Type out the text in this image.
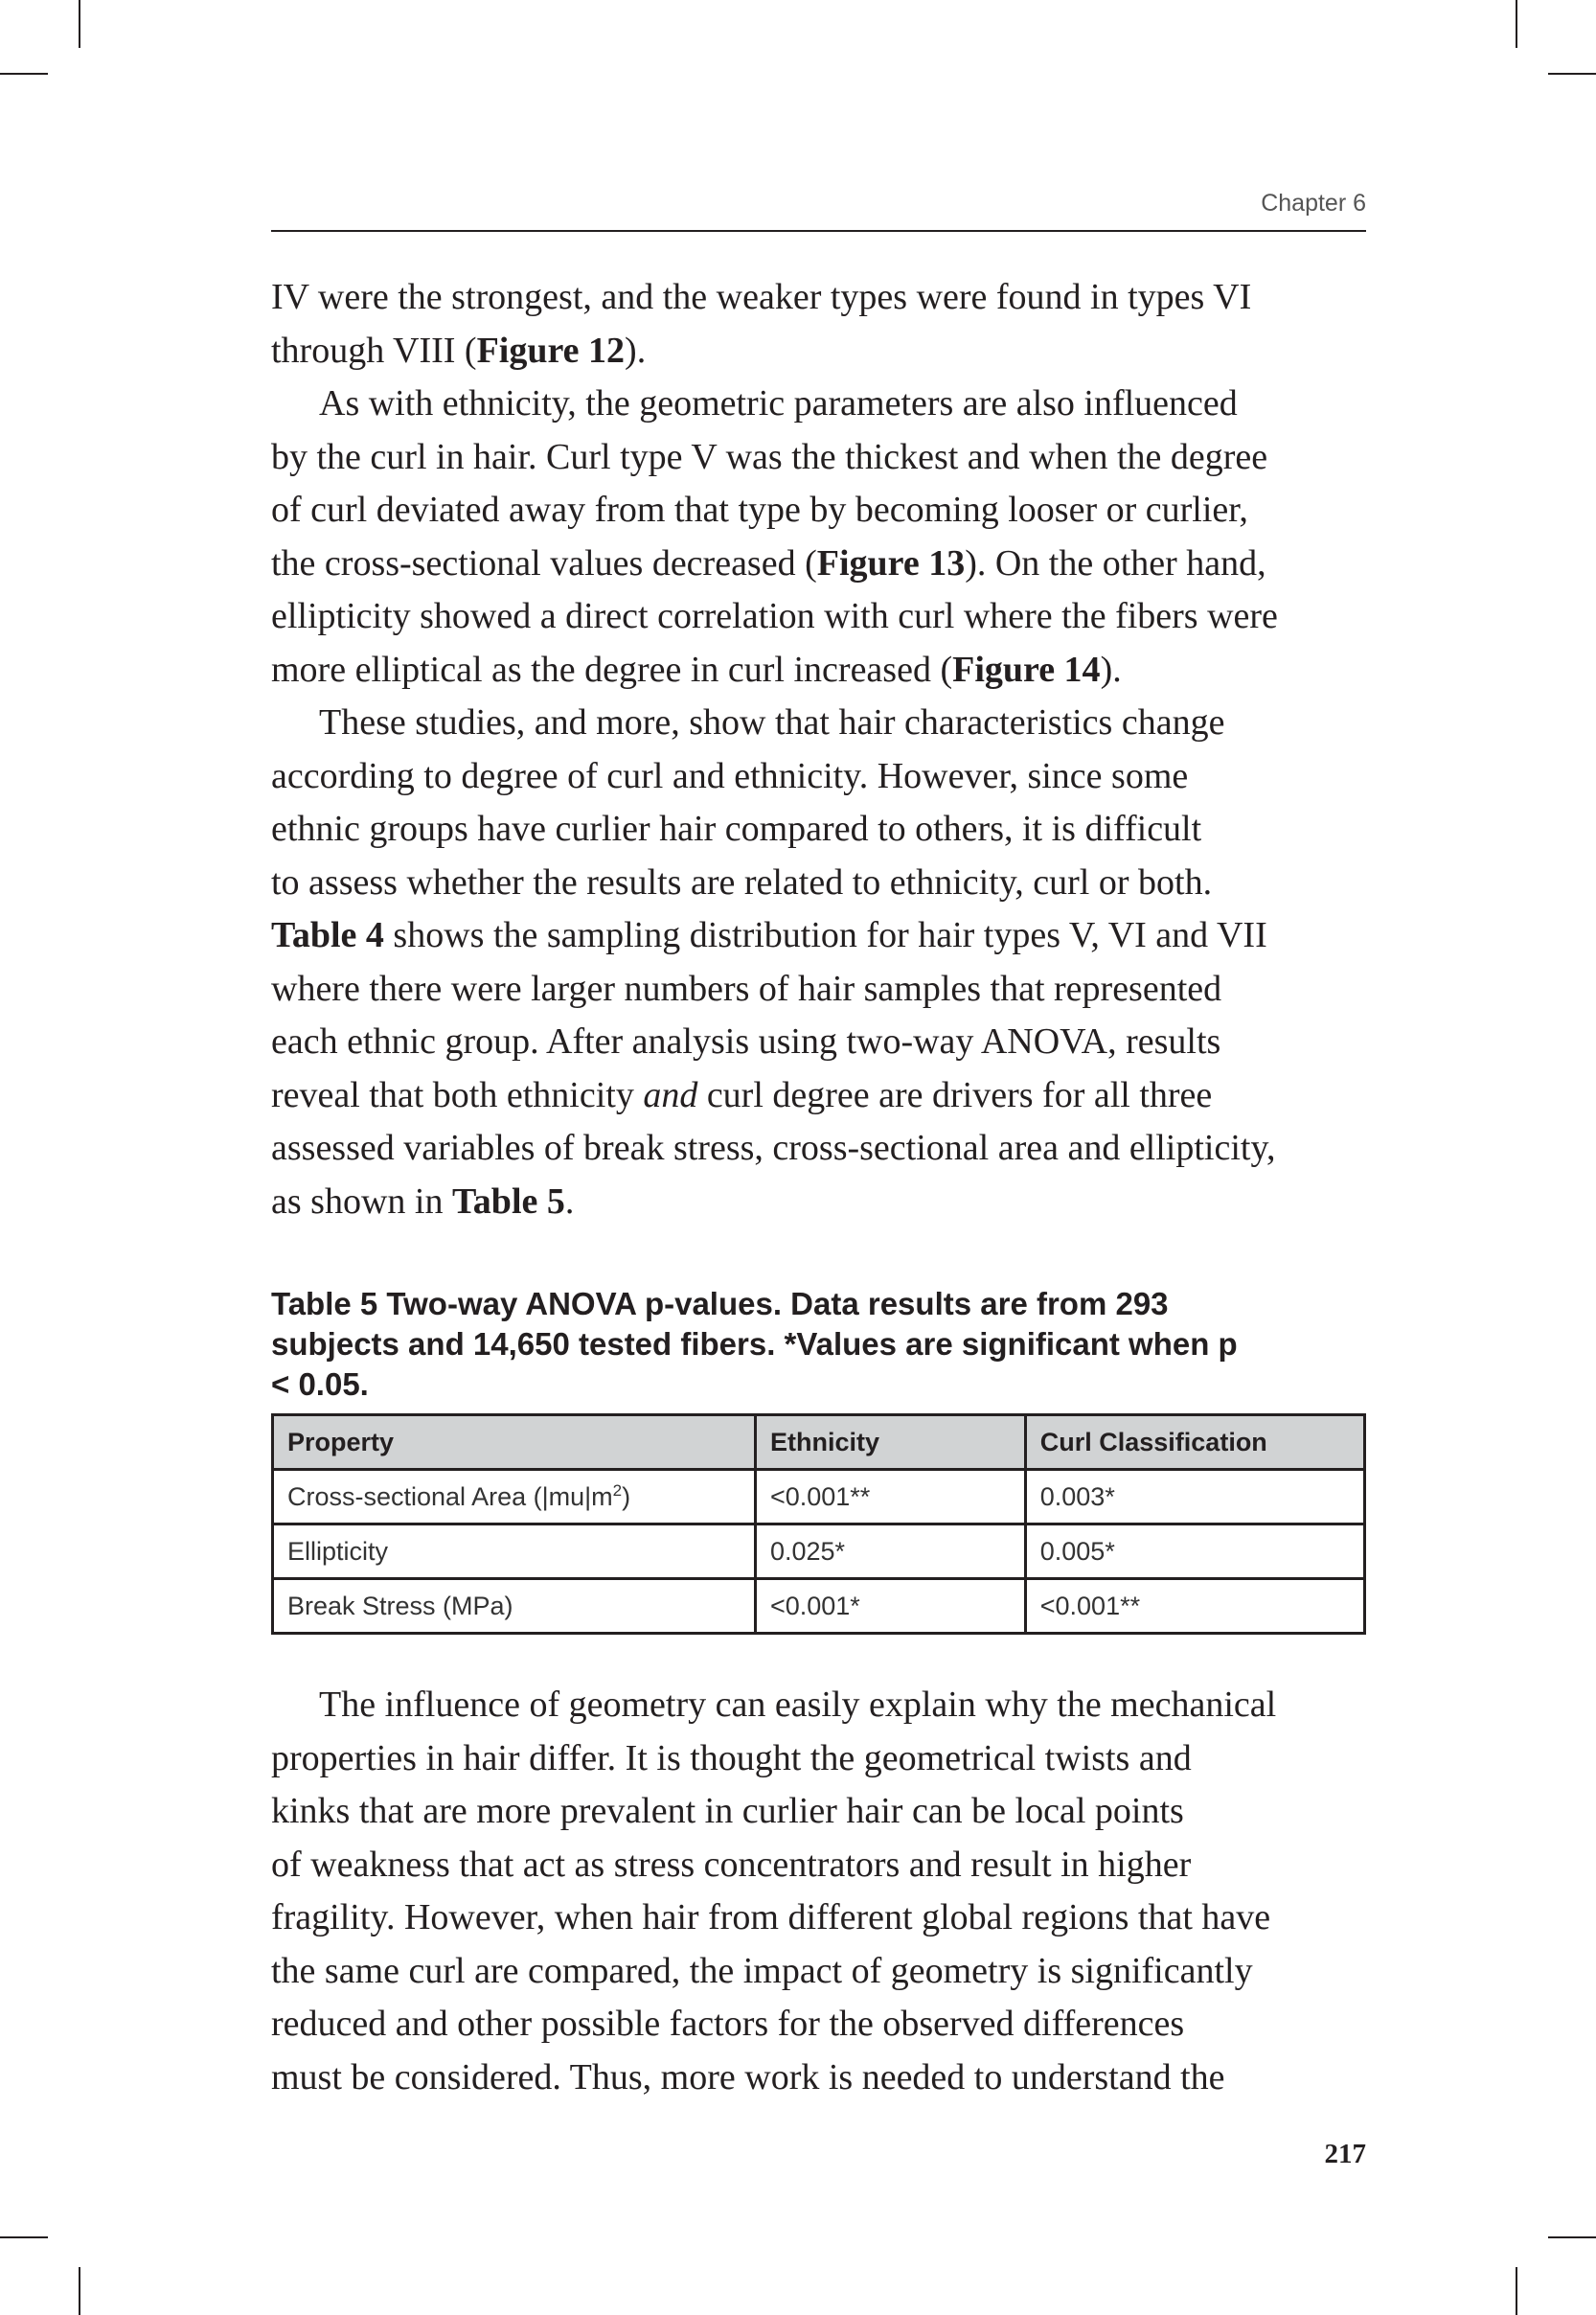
Chapter 6

IV were the strongest, and the weaker types were found in types VI

through VIII (Figure 12).

As with ethnicity, the geometric parameters are also influenced

by the curl in hair. Curl type V was the thickest and when the degree

of curl deviated away from that type by becoming looser or curlier,

the cross-sectional values decreased (Figure 13). On the other hand,

ellipticity showed a direct correlation with curl where the fibers were

more elliptical as the degree in curl increased (Figure 14).

These studies, and more, show that hair characteristics change

according to degree of curl and ethnicity. However, since some

ethnic groups have curlier hair compared to others, it is difficult

to assess whether the results are related to ethnicity, curl or both.

Table 4 shows the sampling distribution for hair types V, VI and VII

where there were larger numbers of hair samples that represented

each ethnic group. After analysis using two-way ANOVA, results

reveal that both ethnicity and curl degree are drivers for all three

assessed variables of break stress, cross-sectional area and ellipticity,

as shown in Table 5.

Table 5 Two-way ANOVA p-values. Data results are from 293
subjects and 14,650 tested fibers. *Values are significant when p
< 0.05.
Property	Ethnicity	Curl Classification
Cross-sectional Area $(|mu|m^2)$	<0.001**	0.003*
Ellipticity	0.025*	0.005*
Break Stress (MPa)	<0.001*	<0.001**

The influence of geometry can easily explain why the mechanical

properties in hair differ. It is thought the geometrical twists and

kinks that are more prevalent in curlier hair can be local points

of weakness that act as stress concentrators and result in higher

fragility. However, when hair from different global regions that have

the same curl are compared, the impact of geometry is significantly

reduced and other possible factors for the observed differences

must be considered. Thus, more work is needed to understand the

217
